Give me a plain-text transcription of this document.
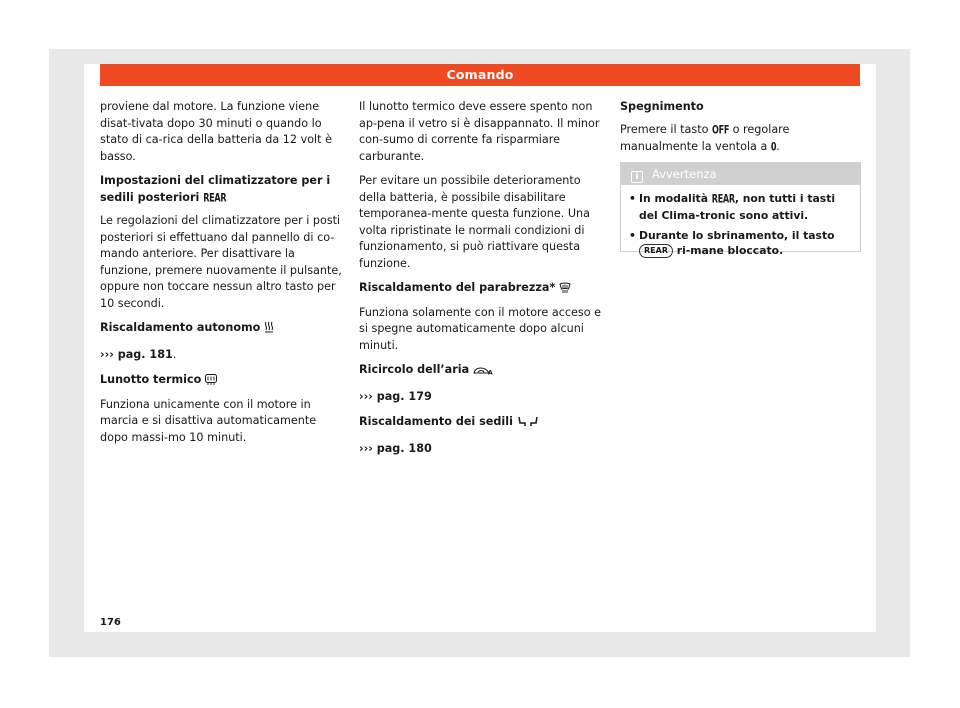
Comando

proviene dal motore. La funzione viene disat-tivata dopo 30 minuti o quando lo stato di ca-rica della batteria da 12 volt è basso.

Impostazioni del climatizzatore per i sedili posteriori REAR

Le regolazioni del climatizzatore per i posti posteriori si effettuano dal pannello di co-mando anteriore. Per disattivare la funzione, premere nuovamente il pulsante, oppure non toccare nessun altro tasto per 10 secondi.

Riscaldamento autonomo

››› pag. 181.

Lunotto termico

Funziona unicamente con il motore in marcia e si disattiva automaticamente dopo massi-mo 10 minuti.

Il lunotto termico deve essere spento non ap-pena il vetro si è disappannato. Il minor con-sumo di corrente fa risparmiare carburante.

Per evitare un possibile deterioramento della batteria, è possibile disabilitare temporanea-mente questa funzione. Una volta ripristinate le normali condizioni di funzionamento, si può riattivare questa funzione.

Riscaldamento del parabrezza*

Funziona solamente con il motore acceso e si spegne automaticamente dopo alcuni minuti.

Ricircolo dell’aria	A

››› pag. 179

Riscaldamento dei sedili

››› pag. 180

Spegnimento

Premere il tasto OFF o regolare manualmente la ventola a 0.

i Avvertenza
• In modalità REAR, non tutti i tasti del Clima-tronic sono attivi.
• Durante lo sbrinamento, il tasto REAR ri-mane bloccato.
176
